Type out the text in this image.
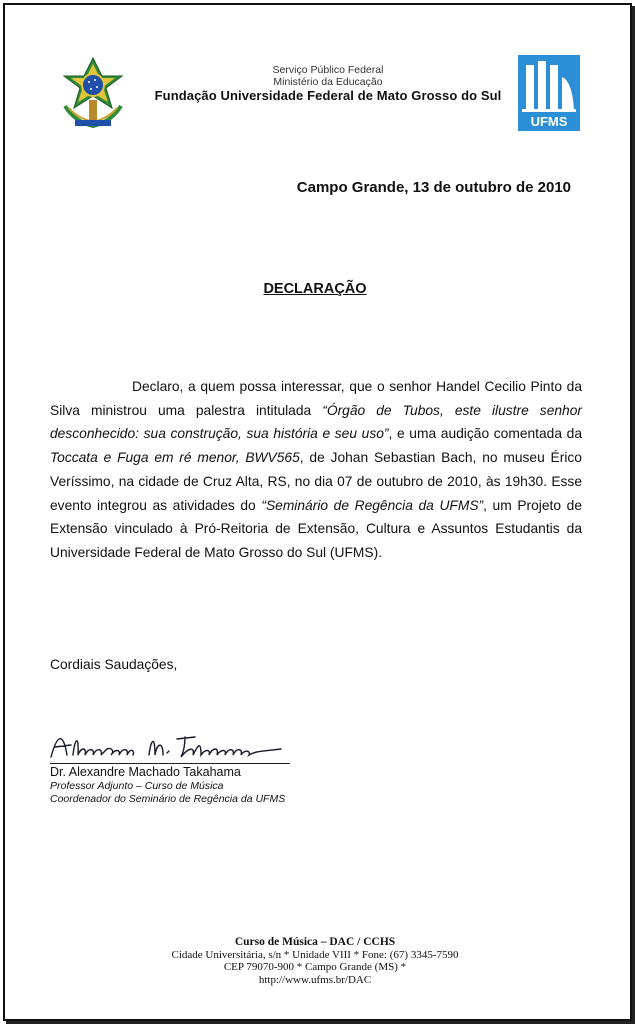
Serviço Público Federal
Ministério da Educação
Fundação Universidade Federal de Mato Grosso do Sul
UFMS
Campo Grande, 13 de outubro de 2010
DECLARAÇÃO
Declaro, a quem possa interessar, que o senhor Handel Cecilio Pinto da Silva ministrou uma palestra intitulada “Órgão de Tubos, este ilustre senhor desconhecido: sua construção, sua história e seu uso”, e uma audição comentada da Toccata e Fuga em ré menor, BWV565, de Johan Sebastian Bach, no museu Érico Veríssimo, na cidade de Cruz Alta, RS, no dia 07 de outubro de 2010, às 19h30. Esse evento integrou as atividades do “Seminário de Regência da UFMS”, um Projeto de Extensão vinculado à Pró-Reitoria de Extensão, Cultura e Assuntos Estudantis da Universidade Federal de Mato Grosso do Sul (UFMS).
Cordiais Saudações,
Dr. Alexandre Machado Takahama
Professor Adjunto – Curso de Música
Coordenador do Seminário de Regência da UFMS
Curso de Música – DAC / CCHS
Cidade Universitária, s/n * Unidade VIII * Fone: (67) 3345-7590
CEP 79070-900 * Campo Grande (MS) *
http://www.ufms.br/DAC
